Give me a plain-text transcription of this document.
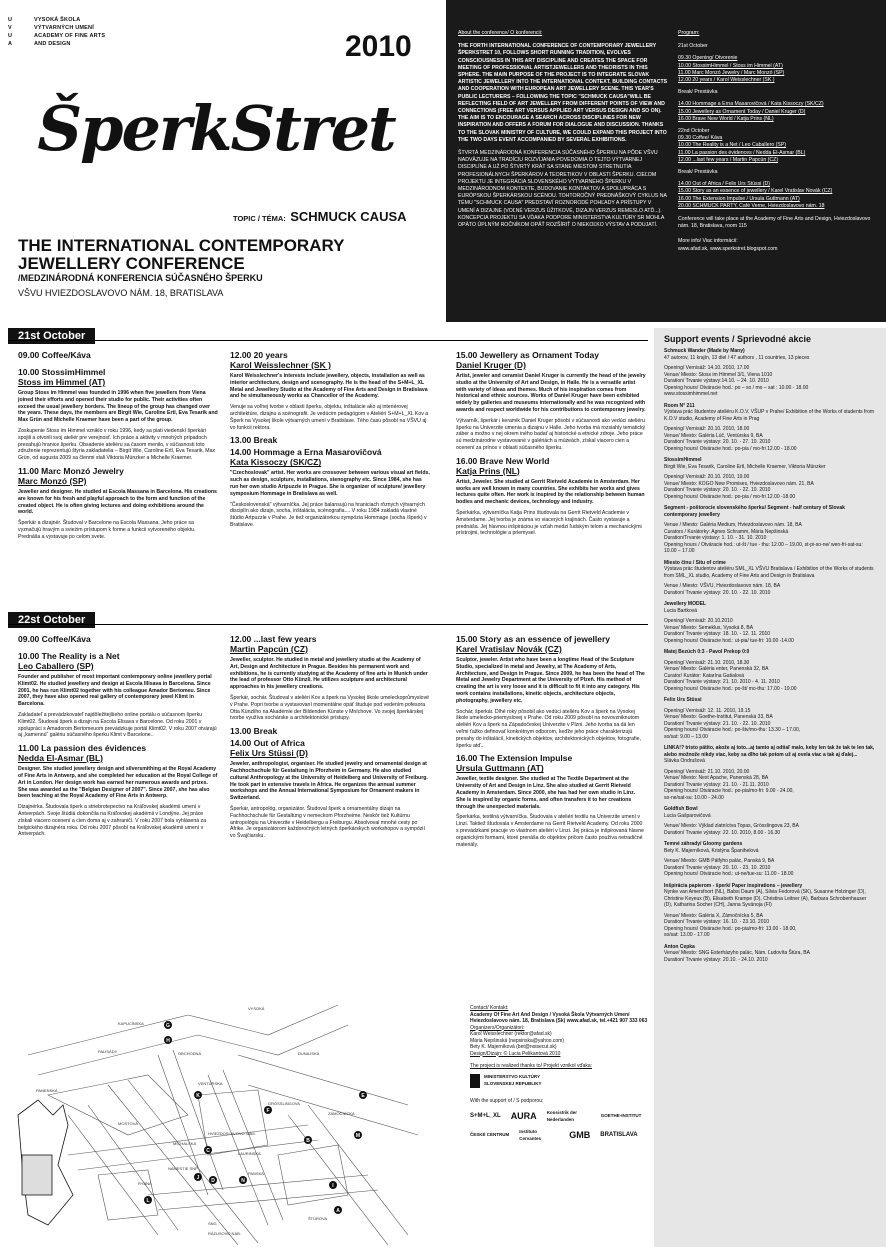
U
V
U
A
VYSOKÁ ŠKOLA
VÝTVARNÝCH UMENÍ
ACADEMY OF FINE ARTS
AND DESIGN	2010
ŠperkStret
TOPIC / TÉMA: SCHMUCK CAUSA
THE INTERNATIONAL CONTEMPORARY
JEWELLERY CONFERENCE
/MEDZINÁRODNÁ KONFERENCIA SÚČASNÉHO ŠPERKU
VŠVU HVIEZDOSLAVOVO NÁM. 18, BRATISLAVA
About the conference/ O konferencii:
THE FORTH INTERNATIONAL CONFERENCE OF CONTEMPORARY JEWELLERY ŠPERKSTRET 10, FOLLOWS SHORT RUNNING TRADITION, EVOLVES CONSCIOUSNESS IN THIS ART DISCIPLINE AND CREATES THE SPACE FOR MEETING OF PROFESSIONAL ARTISTJEWELLERS AND THEORISTS IN THIS SPHERE. THE MAIN PURPOSE OF THE PROJECT IS TO INTEGRATE SLOVAK ARTISTIC JEWELLERY INTO THE INTERNATIONAL CONTEXT, BUILDING CONTACTS AND COOPERATION WITH EUROPEAN ART JEWELLERY SCENE. THIS YEAR'S PUBLIC LECTURERS – FOLLOWING THE TOPIC "SCHMUCK CAUSA"WILL BE REFLECTING FIELD OF ART JEWELLERY FROM DIFFERENT POINTS OF VIEW AND CONNECTIONS (FREE ART VERSUS APPLIED ART VERSUS DESIGN AND SO ON). THE AIM IS TO ENCOURAGE A SEARCH ACROSS DISCIPLINES FOR NEW INSPIRATION AND OFFERS A FORUM FOR DIALOGUE AND DISCUSSION. THANKS TO THE SLOVAK MINISTRY OF CULTURE, WE COULD EXPAND THIS PROJECT INTO THE TWO DAYS EVENT ACCOMPANIED BY SEVERAL EXHIBITIONS.
ŠTVRTÁ MEDZINÁRODNÁ KONFERENCIA SÚČASNÉHO ŠPERKU NA PÔDE VŠVU NADVÄZUJE NA TRADÍCIU ROZVÍJANIA POVEDOMIA O TEJTO VÝTVARNEJ DISCIPLÍNE A UŽ PO ŠTVRTÝ KRÁT SA STANE MIESTOM STRETNUTIA PROFESIONÁLNYCH ŠPERKÁROV A TEORETIKOV V OBLASTI ŠPERKU. CIEĽOM PROJEKTU JE INTEGRÁCIA SLOVENSKÉHO VÝTVARNÉHO ŠPERKU V MEDZINÁRODNOM KONTEXTE, BUDOVANIE KONTAKTOV A SPOLUPRÁCA S EURÓPSKOU ŠPERKÁRSKOU SCÉNOU. TOHTOROČNÝ PREDNÁŠKOVÝ CYKLUS NA TÉMU "SCHMUCK CAUSA" PREDSTAVÍ ROZNORODÉ POHĽADY A PRÍSTUPY V UMENÍ A DIZAJNE (VOĽNÉ VERZUS ÚŽITKOVÉ, DIZAJN VERZUS REMESLO ATĎ...). KONCEPCIA PROJEKTU SA VĎAKA PODPORE MINISTERSTVA KULTÚRY SR MOHLA OPÄTO ÚPLNÝM ROČNÍKOM OPÄŤ ROZŠÍRIŤ O NIEKOĽKO VÝSTAV A PODUJATÍ.
Program:
21st October
09.30 Opening/ Otvorenie
10.00 StossimHimmel / Stoss im Himmel (AT)
11.00 Marc Monzó Jewelry / Marc Monzó (SP)
12.00 20 years / Karol Weisslechner (SK )
Break/ Prestávka
14.00 Hommage a Erna Masarovičová / Kata Kissoczy (SK/CZ)
15.00 Jewellery as Ornament Today / Daniel Kruger (D)
16.00 Brave New World / Katja Prins (NL)
22nd October
09.30 Coffee/ Káva
10.00 The Reality is a Net / Leo Caballero (SP)
11.00 La passion des évidences / Nedda El-Asmar (BL)
12.00 ...last few years / Martin Papcún (CZ)
Break/ Prestávka
14.00 Out of Africa / Felix Urs Stüssi (D)
15.00 Story as an essence of jewellery / Karel Vratislav Novák (CZ)
16.00 The Extension Impulse / Ursula Guttmann (AT)
20.00 SCHMUCK PARTY, Café Verne, Hviezdoslavovo nám. 18
Conference will take place at the Academy of Fine Arts and Design, Hviezdoslavovo nám. 18, Bratislava, room 115
More info/ Viac informácií:
www.afad.sk, www.sperkstret.blogspot.com
21st October
09.00 Coffee/Káva
10.00 StossimHimmel
Stoss im Himmel (AT)

Group Stoss im Himmel was founded in 1996 when five jewellers from Viena joined their efforts and opened their studio for public. Their activities often exceed the usual jewellery borders. The lineup of the group has changed over the years. These days, the members are Birgit Wie, Caroline Ertl, Eva Tesarik and Max Grün and Michelle Kraemer have been a part of the group.

Zoskupenie Stoss im Himmel vzniklo v roku 1996, kedy sa piati viedenskí šperkári spojili a otvorili svoj ateliér pre verejnosť. Ich práce a aktivity v mnohých prípadoch presahujú hranice šperku. Obsadenie ateliéru sa časom menilo, v súčasnosti toto združenie reprezentujú štyria zakladatelia – Birgit Wie, Caroline Ertl, Eva Tesarik, Max Grün, od augusta 2009 sa členmi stali Viktoria Münzker a Michelle Kraemer.

11.00 Marc Monzó Jewelry
Marc Monzó (SP)

Jeweller and designer. He studied at Escola Massana in Barcelona. His creations are known for his fresh and playful approach to the form and function of the created object. He is often giving lectures and doing exhibitions around the world.

Šperkár a dizajnér. Študoval v Barcelone na Escola Massana. Jeho práce sa vyznačujú hravým a svieżim prístupom k forme a funkcii vytvoreného objektu. Prednáša a vystavuje po celom svete.

12.00 20 years
Karol Weisslechner (SK )

Karol Weisslechner's interests include jewellery, objects, installation as well as interior architecture, design and scenography. He is the head of the S+M+L_XL Metal and Jewellery Studio at the Academy of Fine Arts and Design in Bratislava and he simultaneously works as Chancellor of the Academy.

Venuje sa voľnej tvorbe v oblasti šperku, objektu, inštalácie ako aj interiérovej architektúre, dizajnu a scénografii. Je vedúcim pedagógom v Ateliéri S+M+L_XL Kov a Šperk na Vysokej škole výtvarných umení v Bratislave. Tého času pôsobí na VŠVU aj vo funkcii rektora.

13.00 Break
14.00 Hommage a Erna Masarovičová
Kata Kissoczy (SK/CZ)

"Czechoslovak" artist. Her works are crossover between various visual art fields, such as design, sculpture, installations, stenography etc. Since 1984, she has run her own studio Artpuzzle in Prague. She is organizer of sculpture/ jewellery symposium Hommage in Bratislava as well.

"Československá" výtvarníčka. Jej práce balansujú na hraniciach rôznych výtvarných disciplín ako dizajn, socha, inštalácia, scénografia.... V roku 1984 zakladá vlastné štúdio Artpuzzle v Prahe. Je tiež organizátorkou sympózia Hommage (socha /šperk) v Bratislave.

15.00 Jewellery as Ornament Today
Daniel Kruger (D)

Artist, jeweler and ceramist Daniel Kruger is currently the head of the jewelry studio at the University of Art and Design, in Halle. He is a versatile artist with variety of ideas and themes. Much of his inspiration comes from historical and ethnic sources. Works of Daniel Kruger have been exhibited widely by galleries and museums internationally and he was recognized with awards and respect worldwide for his contributions to contemporary jewelry.

Výtvarník, šperkár i keramik Daniel Kruger pôsobí v súčasnosti ako vedúci ateliéru šperku na Univerzite umenia a dizajnu v Halle. Jeho tvorba má rozsiahly tematický záber a možno v nej okrem iného badať aj historické a etnické zdroje. Jeho práce sú medzinárodne vystavované v galériách a múzeách, získal viacero cien a ocenení za prínos v oblasti súčasného šperku.

16.00 Brave New World
Katja Prins (NL)

Artist, Jeweler. She studied at Gerrit Rietveld Academie in Amsterdam. Her works are well known in many countries. She exhibits her works and gives lectures quite often. Her work is inspired by the relationship between human bodies and mechanic devices, technology and industry.

Šperkárka, výtvarníčka Katja Prins študovala na Gerrit Rietveld Academie v Amsterdame. Jej tvorba je známa vo viacerých krajinách. Často vystavuje a prednáša. Jej hlavnou inšpiráciou je vzťah medzi ľudským telom a mechanickými prístrojmi, technológie a priemysel.

22st October
09.00 Coffee/Káva
10.00 The Reality is a Net
Leo Caballero (SP)

Founder and publisher of most important contemporary online jewellery portal Klimt02. He studied jewellery and design at Escola Illisava in Barcelona. Since 2001, he has run Klimt02 together with his colleague Amador Bertomeu. Since 2007, they have also opened real gallery of contemporary jewel Klimt in Barcelona.

Zakladateľ a prevádzkovateľ najdôležitejšieho online portálu o súčasnom šperku Klimt02. Študoval šperk a dizajn na Escola Elisava v Barcelone. Od roku 2001 v spolupráci s Amadorom Bertomeuom prevádzkuje portál Klimt02. V roku 2007 otvárajú aj „kamennú“ galériu súčasného šperku Klimt v Barcelone..

11.00 La passion des évidences
Nedda El-Asmar (BL)

Designer. She studied jewellery design and silversmithing at the Royal Academy of Fine Arts in Antwerp, and she completed her education at the Royal College of Art in London. Her design work has earned her numerous awards and prizes. She was awarded as the "Belgian Designer of 2007". Since 2007, she has also been teaching at the Royal Academy of Fine Arts in Antwerp.

Dizajnérka. Študovala šperk a striebrotepectvo na Kráľovskej akadémii umení v Antverpách. Svoje štúdiá dokončila na Kráľovskej akadémii v Londýne. Jej práce získali viacero ocenení a cien doma aj v zahraničí. V roku 2007 bola vyhlásená za belgického dizajnéra roka. Od roku 2007 pôsobí na Kráľovskej akadémii umení v Antverpách.

12.00 ...last few years
Martin Papcún (CZ)

Jeweller, sculptor. He studied in metal and jewellery studio at the Academy of Art, Design and Architecture in Prague. Besides his permanent work and exhibitions, he is currently studying at the Academy of fine arts in Munich under the lead of professor Otto Künzli. He utilizes sculpture and architectural approaches in his jewellery creations.

Šperkár, sochár. Študoval v ateliéri Kov a šperk na Vysokej škole umeleckoprůmyslové v Prahe. Popri tvorbe a vystavovaní momentálne opäť študuje pod vedením pofesora Otta Künzliho na Akadémie der Bildenden Künste v Mníchove. Vo svojej šperkárskej tvorbe využíva sochárske a architektonické prístupy.

13.00 Break
14.00 Out of Africa
Felix Urs Stüssi (D)

Jeweler, anthropologist, organiser. He studied jewelry and ornamental design at Fachhochschule für Gestaltung in Pforzheim in Germany. He also studied cultural Anthropology at the University of Heidelberg and University of Freiburg. He took part in extensive travels in Africa. He organizes the annual summer workshops and the Annual International Symposium for Ornament makers in Switzerland.

Šperkár, antropológ, organizátor. Študoval šperk a ornamentálny dizajn na Fachhochschule für Gestaltung v nemeckom Pforzheime. Neskôr tiež Kultúrnu antropológiu na Univerzite v Heidelbergu a Freiburgu. Absolvoval mnohé cesty po Afrike. Je organizátorom každoročných letných šperkárskych workshopov a sympózií vo Švajčiarsku.

15.00 Story as an essence of jewellery
Karel Vratislav Novák (CZ)

Sculptor, jeweler. Artist who have been a longtime Head of the Sculpture Studio, specialized in metal and Jewelry, at The Academy of Arts, Architecture, and Design in Prague. Since 2009, he has been the head of The Metal and Jewelry Department at the University of Plzeň. His method of creating the art is very loose and it is difficult to fit it into any category. His work contains installations, kinetic objects, architecture objects, photography, jewellery etc.

Sochár, šperkár. Dlhé roky pôsobil ako vedúci ateliéru Kov a šperk na Vysokej škole umelecko-priemyslovej v Prahe. Od roku 2009 pôsobí na novovzniknutom ateliéri Kov a šperk na Západočeskej Univerzite v Plzni. Jeho tvorba sa dá len veľmi ťažko definovať konkrétnym odborom, keďže jeho práce charakterizujú presahy do inštalácií, kinetických objektov, architektonických objektov, fotografie, šperku atď..

16.00 The Extension Impulse
Ursula Guttmann (AT)

Jeweller, textile designer. She studied at The Textile Department at the University of Art and Design in Linz. She also studied at Gerrit Rietveld Academy in Amsterdam. Since 2000, she has had her own studio in Linz. She is inspired by organic forms, and often transfers it to her creations through the unexpected materials.

Šperkárka, textilná výtvarníčka. Študovala v ateliéri textilu na Univerzite umení v Linzi. Taktiež študovala v Amsterdame na Gerrit Rietveld Academy. Od roku 2000 s prevádzkami pracuje vo vlastnom ateliéri v Linzi. Jej práca je inšpirovaná hlavne organickými formami, ktoré prenáša do objektov pričom často používa netradičné materiály.

Support events / Sprievodné akcie

Schmuck Wander (Made by Many)
47 autorov, 11 krajín, 13 diel / 47 authors , 11 countries, 13 pieces
Opening/ Vernisáž: 14.10. 2010, 17.00
Venue/ Miesto: Stoss im Himmel 3/1, Viena 1010
Duration/ Trvanie výstavy:14.10. – 24. 10. 2010
Opening hours/ Otváracie hod.: po – so / mo – sat : 10.00 - 18.00
www.stossimhimmel.net

Room N° 211
Výstava prác študentov ateliéru K.O.V. VŠUP v Prahe/ Exhibition of the Works of students from K.O.V studio, Academy of Fine Arts in Prag
Opening/ Vernisáž: 20.10. 2010, 18.00
Venue/ Miesto: Galéria Lúč, Ventúrska 9, BA
Duration/ Trvanie výstavy: 20. 10. - 27. 10. 2010
Opening hours/ Otváracie hod.: po-pia / mo-fri 12.00 - 18.00

StossimHimmel
Birgit Wie, Eva Tesarik, Caroline Ertl, Michelle Kraemer, Viktoria Münzker
Opening/ Vernisáž: 20.10. 2010, 19.00
Venue/ Miesto: KOGO New Promises, Hviezdoslavovo nám. 21, BA
Duration/ Trvanie výstavy: 20. 10. - 22. 10. 2010
Opening hours/ Otváracie hod.: po-pia / mo-fri 12.00 -18.00

Segment - poštorocie slovenského šperku/ Segment - half century of Slovak contemporary jewellery
Venue / Miesto: Galéria Medium, Hviezdoslavovo nám. 18, BA
Curators / Kurátorky: Agnes Schramm, Mária Nepšinská
Duration/Trvanie výstavy: 1. 10. - 31. 10. 2010
Opening hours / Otváracie hod.: ut-št / tue - thu: 12.00 – 19.00, st-pi-so-ne/ wen-fri-sat-su: 10.00 – 17.00

Miesto činu / Situ of crime
Výstava prác študentov ateliéru SML_XL VŠVU Bratislava / Exhibition of the Works of students from SML_XL studio, Academy of Fine Arts and Design in Bratislava
Venue / Miesto: VŠVU, Hviezdoslavovo nám. 18, BA
Duration/ Trvanie výstavy: 20. 10. - 22. 10. 2010

Jewellery MODEL
Lucia Bartková
Opening/ Vernisáž: 20.10.2010
Venue/ Miesto: Semeklus, Vysoká 8, BA
Duration/ Trvanie výstavy: 18. 10. - 12. 11. 2010
Opening hours/ Otváracie hod.: ut-pia/ tue-fri: 10.00 -14.00

Matej Bezúch 0:3 - Pavol Prekop 0:0
Opening/ Vernisáž: 21.10. 2010, 18.30
Venue/ Miesto: Galéria enter, Panenská 32, BA
Curator/ Kurátor: Katarína Gatialová
Duration/ Trvanie výstavy: 21. 10. 2010 - 4. 11. 2010
Opening hours/ Otváracie hod.: po-št/ mo-thu: 17.00 - 19.00

Felix Urs Stüssi
Opening/ Vernisáž: 12. 11. 2010, 19.15
Venue/ Miesto: Goethe-Institut, Panenská 33, BA
Duration/ Trvanie výstavy: 21. 10. - 22. 10. 2010
Opening hours/ Otváracie hod.: po-štv/mo-thu: 13.30 – 17.00,
so/sat: 9.00 – 13.00

LINKA!? tristo pätito, akože aj toto...aj tamto aj odtiaľ malo, keby len tak že tak te len tak, alebo možnože nikdy viac, keby sa dlho tak potom už aj ovela viac a tak aj ďalej...
Slávka Ondrušová
Opening/ Vernisáž: 21.10. 2010, 20.00
Venue/ Miesto: Next Apache, Panenská 28, BA
Duration/ Trvanie výstavy: 21. 10. - 21.11. 2010
Opening hours/ Otváracie hod.: po-pia/mo-fri: 9.00 - 24.00,
so-ne/sat-su: 10.00 - 24.00

Goldfish Bowl
Lucia Gašparovičová
Venue/ Miesto: Výklad zlatníctva Topas, Grösslingova 23, BA
Duration/ Trvanie výstavy: 22. 10. 2010, 8.00 - 16.30

Temné záhrady/ Gloomy gardens
Bety K. Majerníková, Kristýna Španihelová
Venue/ Miesto: GMB Pálfyho palác, Panská 9, BA
Duration/ Trvanie výstavy: 20. 10. - 23. 10. 2010
Opening hours/ Otváracie hod.: ut-ne/tue-su: 11.00 - 18.00

Inšpirácia papierom - šperk/ Paper inspirations – jewellery
Nynke van Amersfoort (NL), Babsi Daum (A), Silvia Fedorová (SK), Susanne Holzinger (D), Christine Keyeux (B), Elisabeth Krampe (D), Christina Leitner (A), Barbara Schrobenhauser (D), Katharina Socher (CH), Janna Syvänoja (FI)
Venue/ Miesto: Galéria X, Zámočnícka 5, BA
Duration/ Trvanie výstavy: 16. 10. - 23.10. 2010
Opening hours/ Otváracie hod.: po-pia/mo-fri: 13.00 - 18.00,
so/sat: 13.00 - 17.00

Anton Cepka
Venue/ Miesto: SNG Esterházyho palác, Nám. Ľudovíta Štúra, BA
Duration/ Trvanie výstavy: 20.10. - 24.10. 2010

PANENSKÁ
HVIEZDOSLAVOVO NÁM.
ŠTÚROVA
LAURINSKÁ
VENTÚRSKA
ZÁMOČNÍCKA
GRÖSSLINGOVA
RÁZUSOVO NÁB.
VYSOKÁ
KAPUCÍNSKA
PALISÁDY
NÁMESTIE SNP
OBCHODNÁ	DUNAJSKÁ
SNG
MOSTOVÁ
MICHALSKÁ
PANSKÁ
RYBNÁ
A
B
C
D
E
F
G
H
I
J
K
L
M
N
Contact/ Kontakt:
Academy Of Fine Art And Design / Vysoká Škola Výtvarných Umení Hviezdoslavovo nám. 18, Bratislava (Sk) www.afad.sk, tel.+421 907 333 063
Organizers/Organizátori:
Karol Weisslechner (rektor@afad.sk)
Mária Nepšinská (nepsinska@yahoo.com)
Bety K. Majerníková (bet@noisecut.sk)
Design/Dizajn: © Lucia Pelikantová 2010
The project is realized thanks to/ Projekt vznikol vďaka:
MINISTERSTVO KULTÚRY SLOVENSKEJ REPUBLIKY
With the support of / S podporou:
S+M+L_XL AURA Konsistrik der Nederlanden
GOETHE-INSTITUT
ČESKÉ CENTRUM
Instituto Cervantes	GMB BRATISLAVA
